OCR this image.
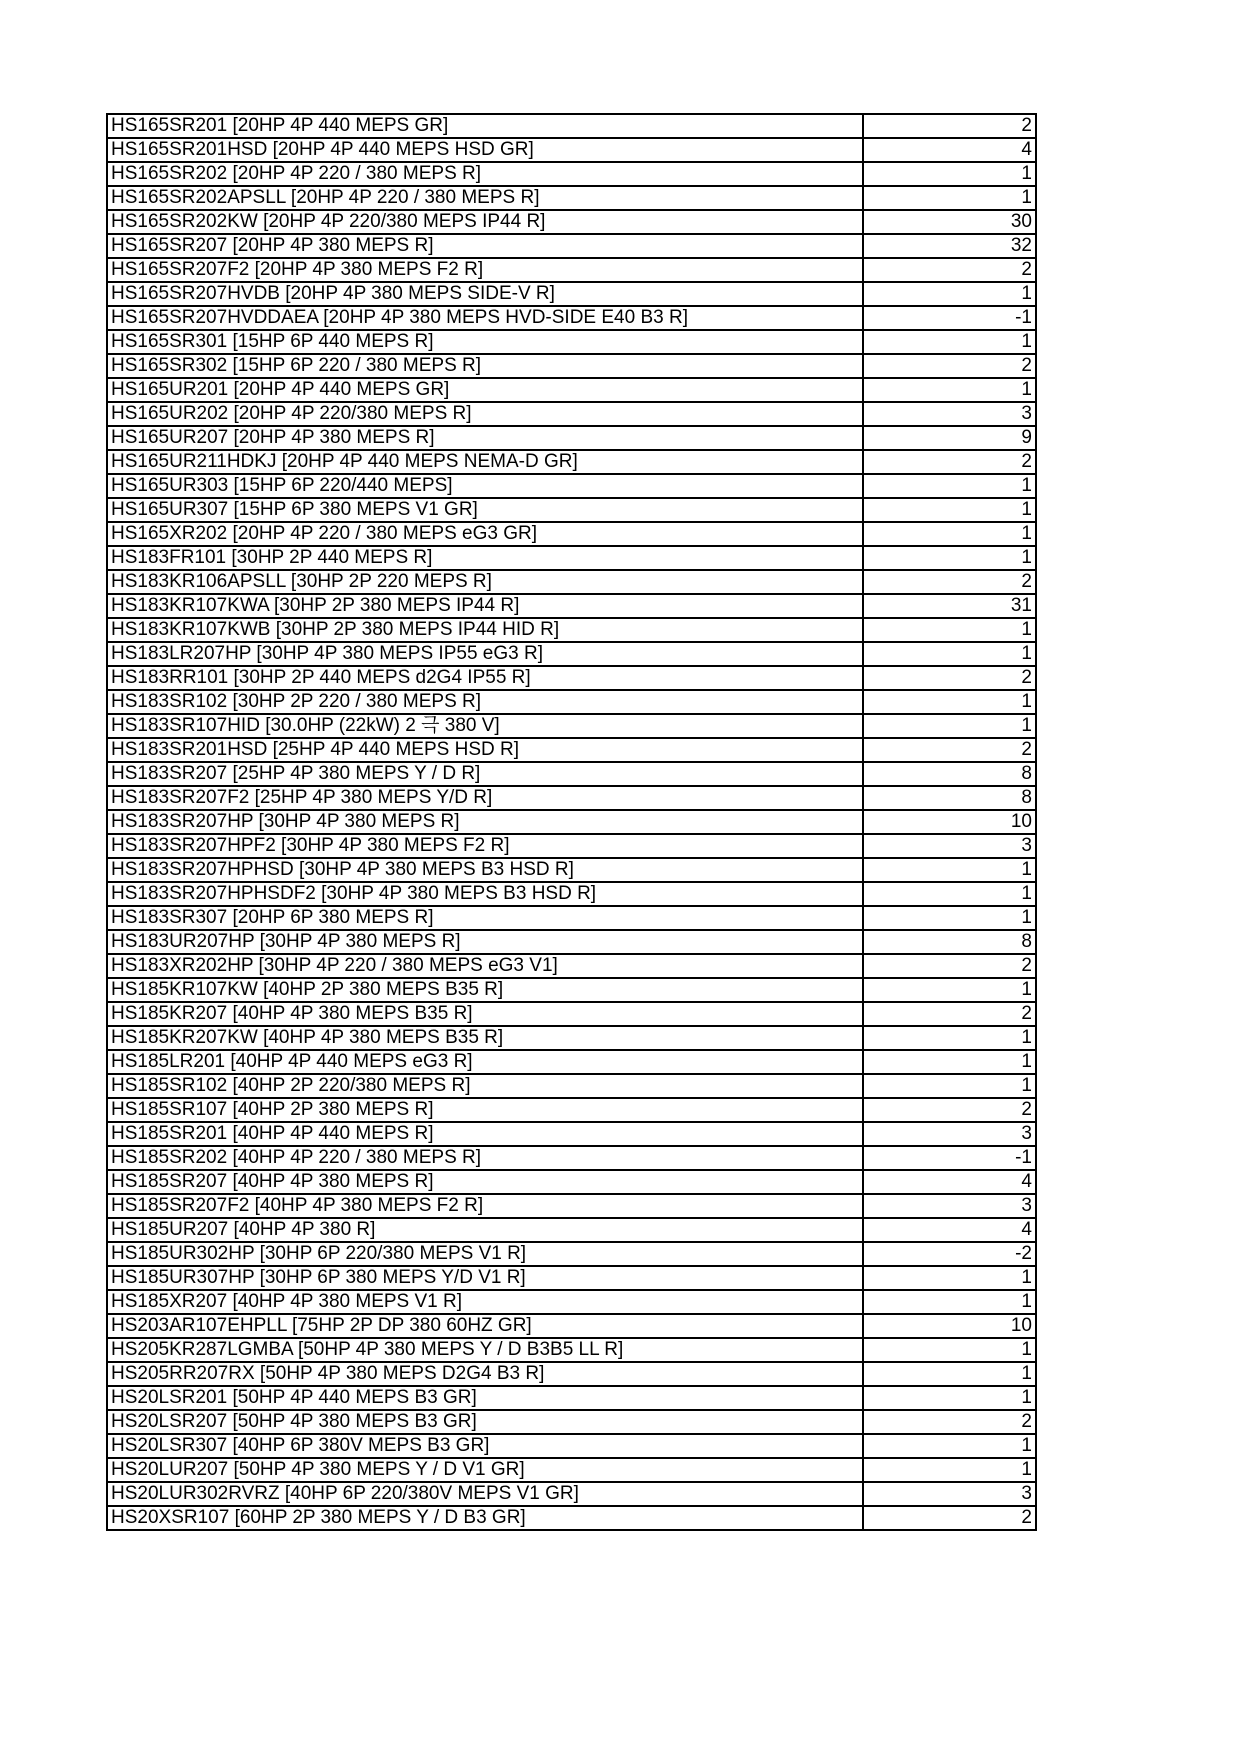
HS165SR201 [20HP 4P 440 MEPS GR]	2
HS165SR201HSD [20HP 4P 440 MEPS HSD GR]	4
HS165SR202 [20HP 4P 220 / 380 MEPS R]	1
HS165SR202APSLL [20HP 4P 220 / 380 MEPS R]	1
HS165SR202KW [20HP 4P 220/380 MEPS IP44 R]	30
HS165SR207 [20HP 4P 380 MEPS R]	32
HS165SR207F2 [20HP 4P 380 MEPS F2 R]	2
HS165SR207HVDB [20HP 4P 380 MEPS SIDE-V R]	1
HS165SR207HVDDAEA [20HP 4P 380 MEPS HVD-SIDE E40 B3 R]	-1
HS165SR301 [15HP 6P 440 MEPS R]	1
HS165SR302 [15HP 6P 220 / 380 MEPS R]	2
HS165UR201 [20HP 4P 440 MEPS GR]	1
HS165UR202 [20HP 4P 220/380 MEPS R]	3
HS165UR207 [20HP 4P 380 MEPS R]	9
HS165UR211HDKJ [20HP 4P 440 MEPS NEMA-D GR]	2
HS165UR303 [15HP 6P 220/440 MEPS]	1
HS165UR307 [15HP 6P 380 MEPS V1 GR]	1
HS165XR202 [20HP 4P 220 / 380 MEPS eG3 GR]	1
HS183FR101 [30HP 2P 440 MEPS R]	1
HS183KR106APSLL [30HP 2P 220 MEPS R]	2
HS183KR107KWA [30HP 2P 380 MEPS IP44 R]	31
HS183KR107KWB [30HP 2P 380 MEPS IP44 HID R]	1
HS183LR207HP [30HP 4P 380 MEPS IP55 eG3 R]	1
HS183RR101 [30HP 2P 440 MEPS d2G4 IP55 R]	2
HS183SR102 [30HP 2P 220 / 380 MEPS R]	1
HS183SR107HID [30.0HP (22kW) 2 극 380 V]	1
HS183SR201HSD [25HP 4P 440 MEPS HSD R]	2
HS183SR207 [25HP 4P 380 MEPS Y / D R]	8
HS183SR207F2 [25HP 4P 380 MEPS Y/D R]	8
HS183SR207HP [30HP 4P 380 MEPS R]	10
HS183SR207HPF2 [30HP 4P 380 MEPS F2 R]	3
HS183SR207HPHSD [30HP 4P 380 MEPS B3 HSD R]	1
HS183SR207HPHSDF2 [30HP 4P 380 MEPS B3 HSD R]	1
HS183SR307 [20HP 6P 380 MEPS R]	1
HS183UR207HP [30HP 4P 380 MEPS R]	8
HS183XR202HP [30HP 4P 220 / 380 MEPS eG3 V1]	2
HS185KR107KW [40HP 2P 380 MEPS B35 R]	1
HS185KR207 [40HP 4P 380 MEPS B35 R]	2
HS185KR207KW [40HP 4P 380 MEPS B35 R]	1
HS185LR201 [40HP 4P 440 MEPS eG3 R]	1
HS185SR102 [40HP 2P 220/380 MEPS R]	1
HS185SR107 [40HP 2P 380 MEPS R]	2
HS185SR201 [40HP 4P 440 MEPS R]	3
HS185SR202 [40HP 4P 220 / 380 MEPS R]	-1
HS185SR207 [40HP 4P 380 MEPS R]	4
HS185SR207F2 [40HP 4P 380 MEPS F2 R]	3
HS185UR207 [40HP 4P 380 R]	4
HS185UR302HP [30HP 6P 220/380 MEPS V1 R]	-2
HS185UR307HP [30HP 6P 380 MEPS Y/D V1 R]	1
HS185XR207 [40HP 4P 380 MEPS V1 R]	1
HS203AR107EHPLL [75HP 2P DP 380 60HZ GR]	10
HS205KR287LGMBA [50HP 4P 380 MEPS Y / D B3B5 LL R]	1
HS205RR207RX [50HP 4P 380 MEPS D2G4 B3 R]	1
HS20LSR201 [50HP 4P 440 MEPS B3 GR]	1
HS20LSR207 [50HP 4P 380 MEPS B3 GR]	2
HS20LSR307 [40HP 6P 380V MEPS B3 GR]	1
HS20LUR207 [50HP 4P 380 MEPS Y / D V1 GR]	1
HS20LUR302RVRZ [40HP 6P 220/380V MEPS V1 GR]	3
HS20XSR107 [60HP 2P 380 MEPS Y / D B3 GR]	2
